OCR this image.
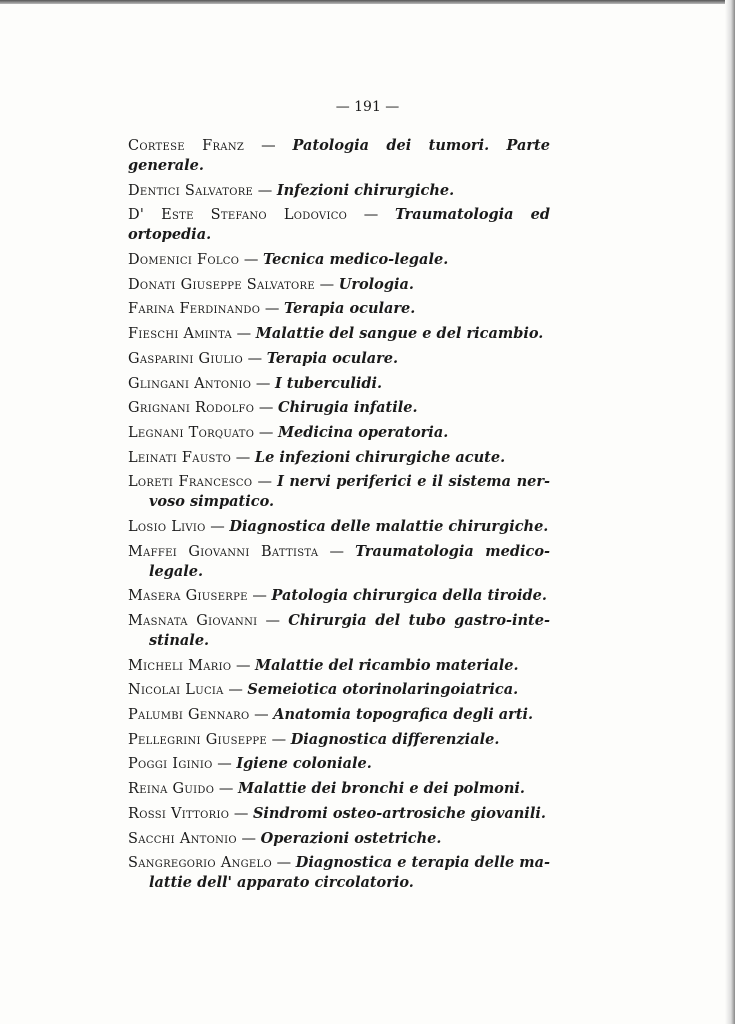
— 191 —
Cortese Franz — Patologia dei tumori. Parte generale.
Dentici Salvatore — Infezioni chirurgiche.
D' Este Stefano Lodovico — Traumatologia ed ortopedia.
Domenici Folco — Tecnica medico-legale.
Donati Giuseppe Salvatore — Urologia.
Farina Ferdinando — Terapia oculare.
Fieschi Aminta — Malattie del sangue e del ricambio.
Gasparini Giulio — Terapia oculare.
Glingani Antonio — I tuberculidi.
Grignani Rodolfo — Chirugia infatile.
Legnani Torquato — Medicina operatoria.
Leinati Fausto — Le infezioni chirurgiche acute.
Loreti Francesco — I nervi periferici e il sistema ner-
voso simpatico.
Losio Livio — Diagnostica delle malattie chirurgiche.
Maffei Giovanni Battista — Traumatologia medico-
legale.
Masera Giuserpe — Patologia chirurgica della tiroide.
Masnata Giovanni — Chirurgia del tubo gastro-inte-
stinale.
Micheli Mario — Malattie del ricambio materiale.
Nicolai Lucia — Semeiotica otorinolaringoiatrica.
Palumbi Gennaro — Anatomia topografica degli arti.
Pellegrini Giuseppe — Diagnostica differenziale.
Poggi Iginio — Igiene coloniale.
Reina Guido — Malattie dei bronchi e dei polmoni.
Rossi Vittorio — Sindromi osteo-artrosiche giovanili.
Sacchi Antonio — Operazioni ostetriche.
Sangregorio Angelo — Diagnostica e terapia delle ma-
lattie dell' apparato circolatorio.
